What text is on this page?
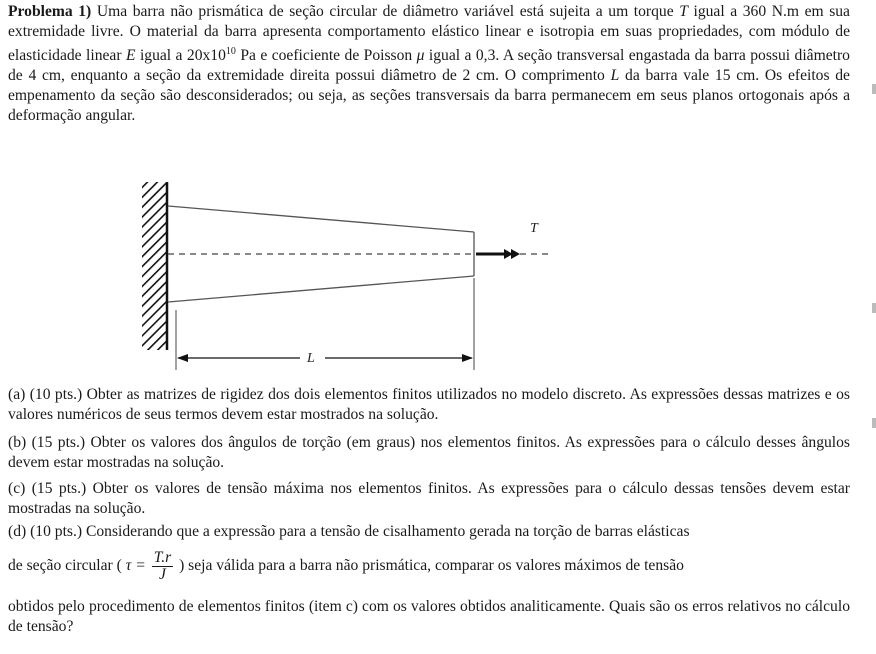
Problema 1) Uma barra não prismática de seção circular de diâmetro variável está sujeita a um torque T igual a 360 N.m em sua extremidade livre. O material da barra apresenta comportamento elástico linear e isotropia em suas propriedades, com módulo de elasticidade linear E igual a $20x10^{10}$ Pa e coeficiente de Poisson μ igual a 0,3. A seção transversal engastada da barra possui diâmetro de 4 cm, enquanto a seção da extremidade direita possui diâmetro de 2 cm. O comprimento L da barra vale 15 cm. Os efeitos de empenamento da seção são desconsiderados; ou seja, as seções transversais da barra permanecem em seus planos ortogonais após a deformação angular.
T
L
(a) (10 pts.) Obter as matrizes de rigidez dos dois elementos finitos utilizados no modelo discreto. As expressões dessas matrizes e os valores numéricos de seus termos devem estar mostrados na solução.
(b) (15 pts.) Obter os valores dos ângulos de torção (em graus) nos elementos finitos. As expressões para o cálculo desses ângulos devem estar mostradas na solução.
(c) (15 pts.) Obter os valores de tensão máxima nos elementos finitos. As expressões para o cálculo dessas tensões devem estar mostradas na solução.
(d) (10 pts.) Considerando que a expressão para a tensão de cisalhamento gerada na torção de barras elásticas
de seção circular ( $\tau = \frac{T.r}{J}$ ) seja válida para a barra não prismática, comparar os valores máximos de tensão
obtidos pelo procedimento de elementos finitos (item c) com os valores obtidos analiticamente. Quais são os erros relativos no cálculo de tensão?
